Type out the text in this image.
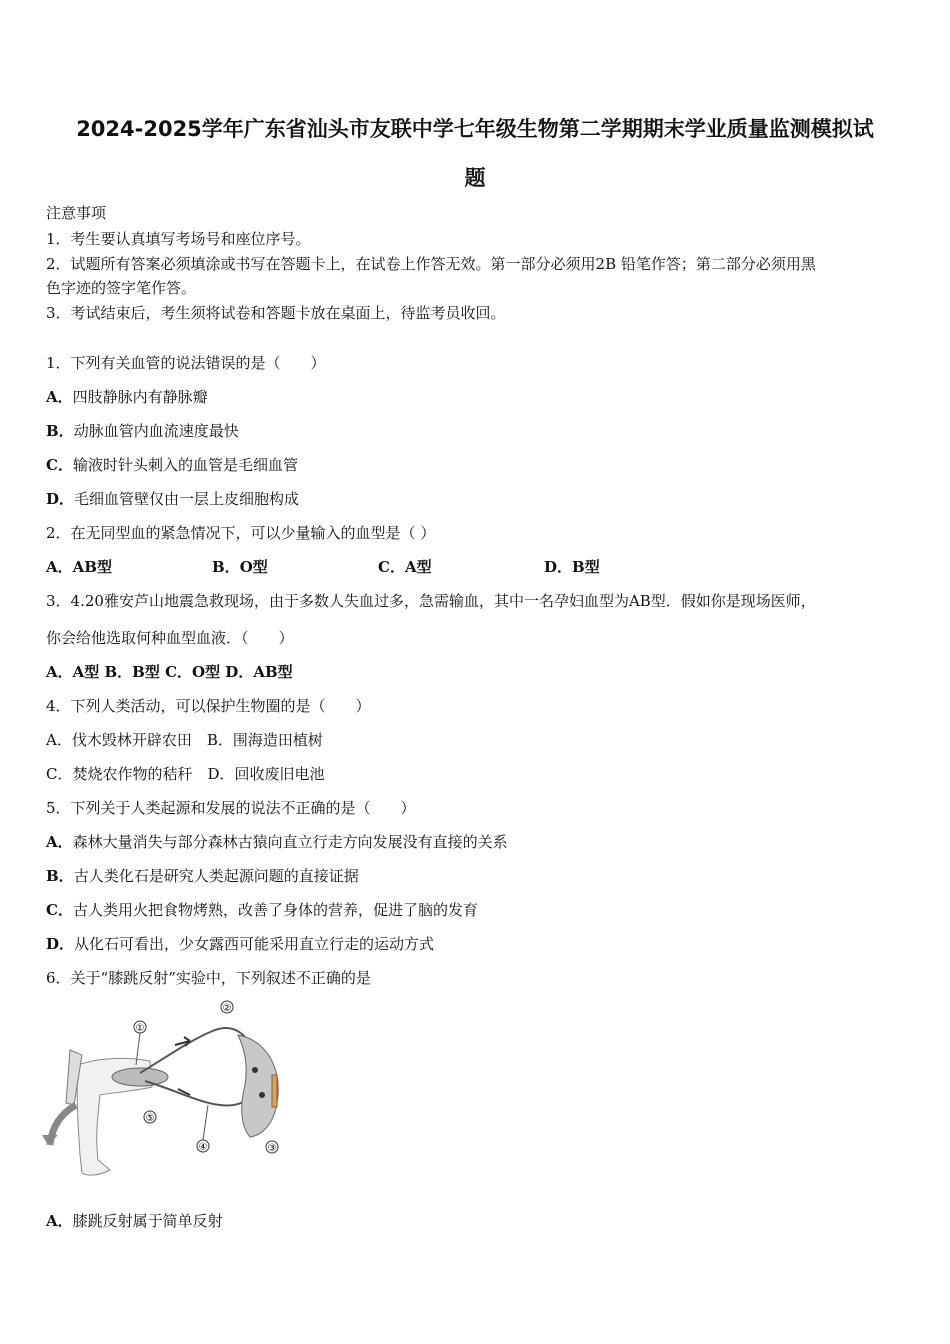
2024-2025学年广东省汕头市友联中学七年级生物第二学期期末学业质量监测模拟试
题
注意事项
1．考生要认真填写考场号和座位序号。
2．试题所有答案必须填涂或书写在答题卡上，在试卷上作答无效。第一部分必须用2B 铅笔作答；第二部分必须用黑
色字迹的签字笔作答。
3．考试结束后，考生须将试卷和答题卡放在桌面上，待监考员收回。
1．下列有关血管的说法错误的是（　　）
A．四肢静脉内有静脉瓣
B．动脉血管内血流速度最快
C．输液时针头刺入的血管是毛细血管
D．毛细血管壁仅由一层上皮细胞构成
2．在无同型血的紧急情况下，可以少量输入的血型是（ ）
A．AB型	B．O型	C．A型	D．B型
3．4.20雅安芦山地震急救现场，由于多数人失血过多，急需输血，其中一名孕妇血型为AB型．假如你是现场医师，
你会给他选取何种血型血液．（　　）
A．A型 B．B型 C．O型 D．AB型
4．下列人类活动，可以保护生物圈的是（　　）
A．伐木毁林开辟农田　B．围海造田植树
C．焚烧农作物的秸秆　D．回收废旧电池
5．下列关于人类起源和发展的说法不正确的是（　　）
A．森林大量消失与部分森林古猿向直立行走方向发展没有直接的关系
B．古人类化石是研究人类起源问题的直接证据
C．古人类用火把食物烤熟，改善了身体的营养，促进了脑的发育
D．从化石可看出，少女露西可能采用直立行走的运动方式
6．关于“膝跳反射”实验中，下列叙述不正确的是
①
②
③
④
⑤
A．膝跳反射属于简单反射
